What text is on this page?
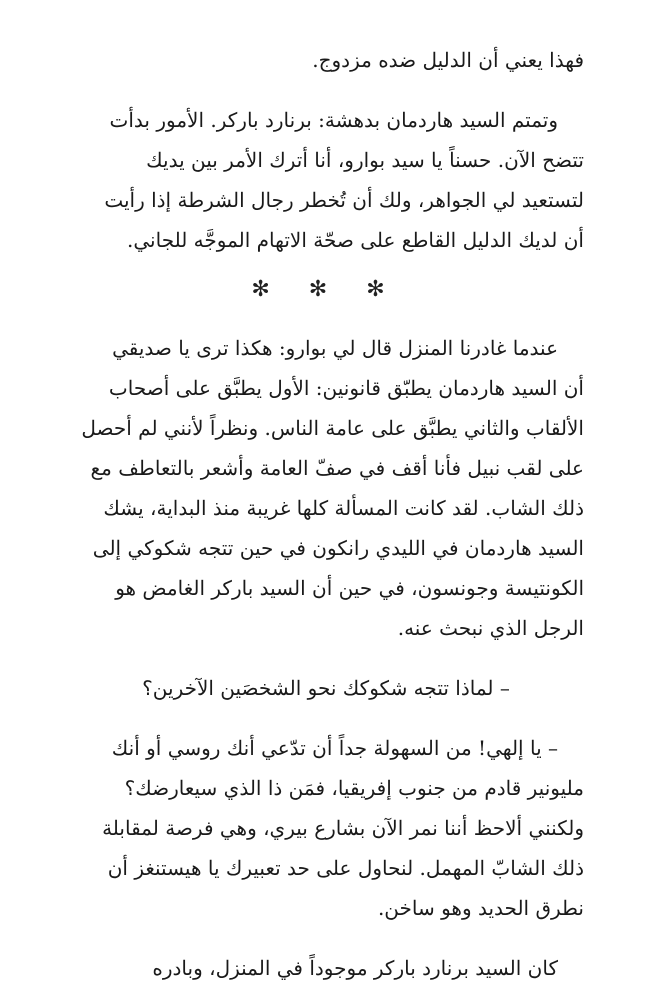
فهذا يعني أن الدليل ضده مزدوج.
وتمتم السيد هاردمان بدهشة: برنارد باركر. الأمور بدأت
تتضح الآن. حسناً يا سيد بوارو، أنا أترك الأمر بين يديك
لتستعيد لي الجواهر، ولك أن تُخطر رجال الشرطة إذا رأيت
أن لديك الدليل القاطع على صحّة الاتهام الموجَّه للجاني.
✻ ✻ ✻
عندما غادرنا المنزل قال لي بوارو: هكذا ترى يا صديقي
أن السيد هاردمان يطبّق قانونين: الأول يطبَّق على أصحاب
الألقاب والثاني يطبَّق على عامة الناس. ونظراً لأنني لم أحصل
على لقب نبيل فأنا أقف في صفّ العامة وأشعر بالتعاطف مع
ذلك الشاب. لقد كانت المسألة كلها غريبة منذ البداية، يشك
السيد هاردمان في الليدي رانكون في حين تتجه شكوكي إلى
الكونتيسة وجونسون، في حين أن السيد باركر الغامض هو
الرجل الذي نبحث عنه.
– لماذا تتجه شكوكك نحو الشخصَين الآخرين؟
– يا إلهي! من السهولة جداً أن تدّعي أنك روسي أو أنك
مليونير قادم من جنوب إفريقيا، فمَن ذا الذي سيعارضك؟
ولكنني ألاحظ أننا نمر الآن بشارع بيري، وهي فرصة لمقابلة
ذلك الشابّ المهمل. لنحاول على حد تعبيرك يا هيستنغز أن
نطرق الحديد وهو ساخن.
كان السيد برنارد باركر موجوداً في المنزل، وبادره
